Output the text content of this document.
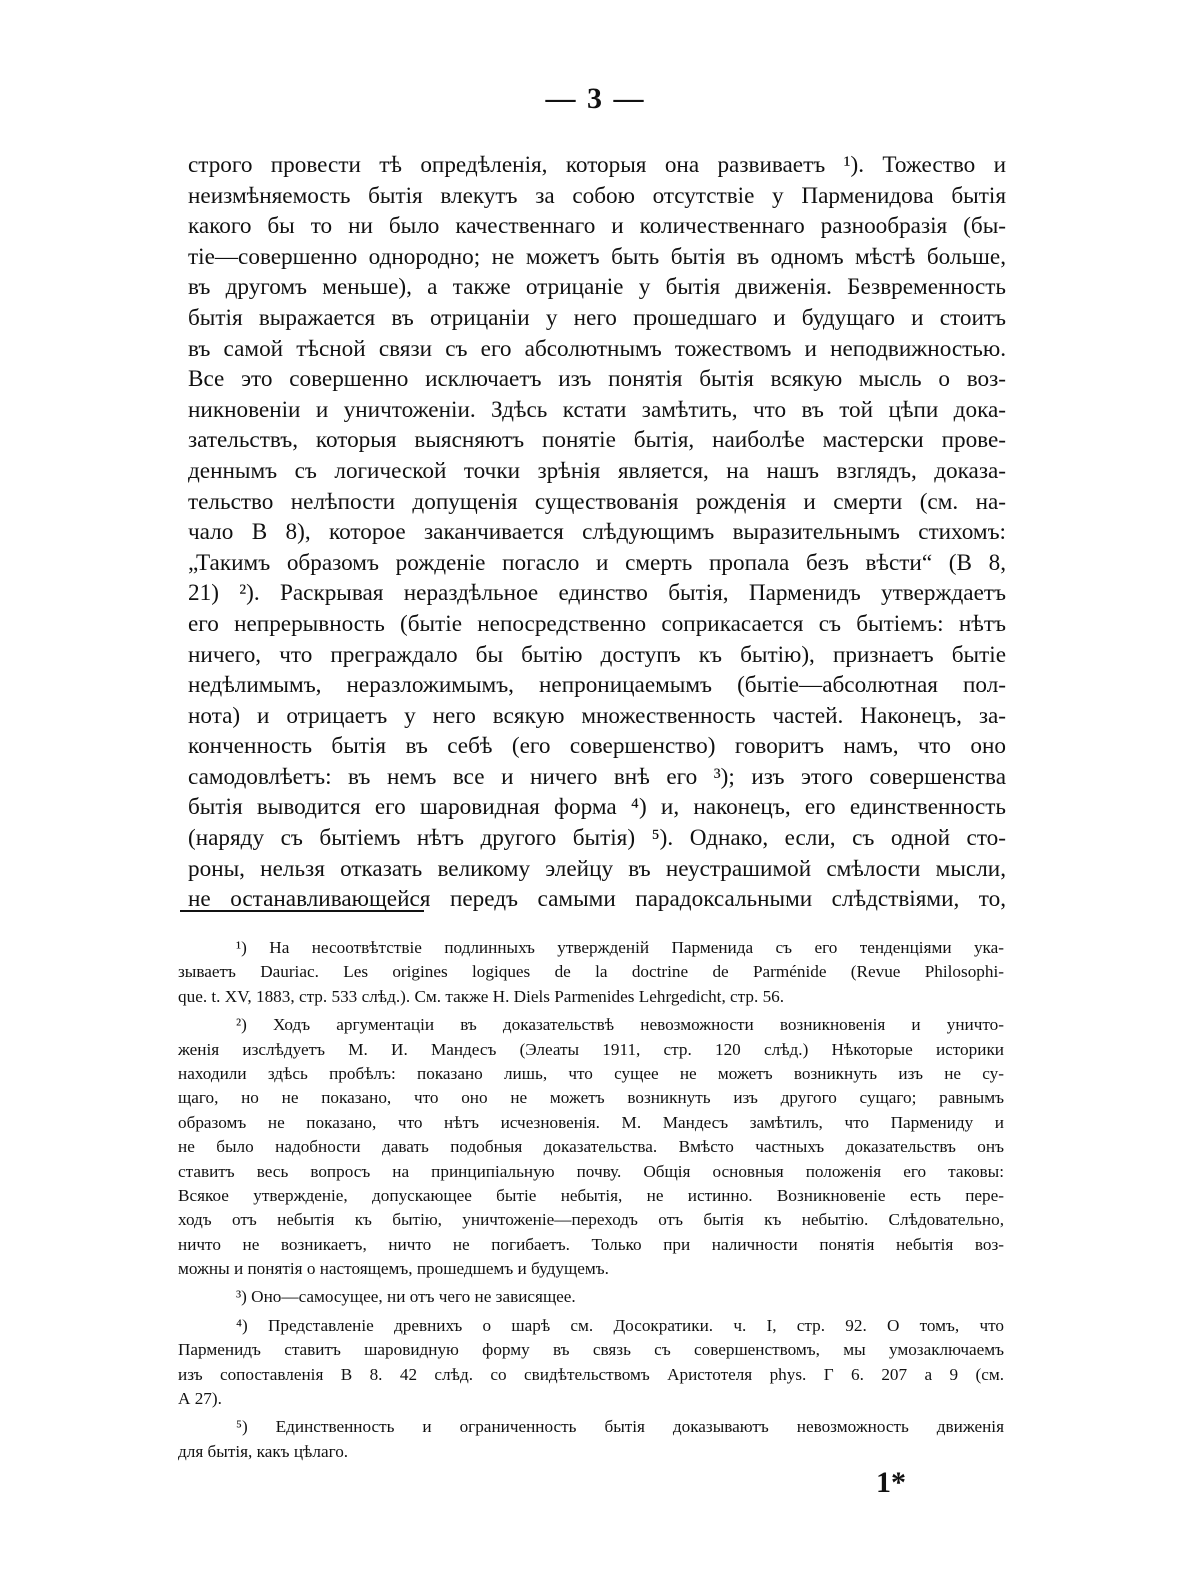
— 3 —
строго провести тѣ опредѣленія, которыя она развиваетъ ¹). Тожество и
неизмѣняемость бытія влекутъ за собою отсутствіе у Парменидова бытія
какого бы то ни было качественнаго и количественнаго разнообразія (бы-
тіе—совершенно однородно; не можетъ быть бытія въ одномъ мѣстѣ больше,
въ другомъ меньше), а также отрицаніе у бытія движенія. Безвременность
бытія выражается въ отрицаніи у него прошедшаго и будущаго и стоитъ
въ самой тѣсной связи съ его абсолютнымъ тожествомъ и неподвижностью.
Все это совершенно исключаетъ изъ понятія бытія всякую мысль о воз-
никновеніи и уничтоженіи. Здѣсь кстати замѣтить, что въ той цѣпи дока-
зательствъ, которыя выясняютъ понятіе бытія, наиболѣе мастерски прове-
деннымъ съ логической точки зрѣнія является, на нашъ взглядъ, доказа-
тельство нелѣпости допущенія существованія рожденія и смерти (см. на-
чало В 8), которое заканчивается слѣдующимъ выразительнымъ стихомъ:
„Такимъ образомъ рожденіе погасло и смерть пропала безъ вѣсти“ (В 8,
21) ²). Раскрывая нераздѣльное единство бытія, Парменидъ утверждаетъ
его непрерывность (бытіе непосредственно соприкасается съ бытіемъ: нѣтъ
ничего, что преграждало бы бытію доступъ къ бытію), признаетъ бытіе
недѣлимымъ, неразложимымъ, непроницаемымъ (бытіе—абсолютная пол-
нота) и отрицаетъ у него всякую множественность частей. Наконецъ, за-
конченность бытія въ себѣ (его совершенство) говоритъ намъ, что оно
самодовлѣетъ: въ немъ все и ничего внѣ его ³); изъ этого совершенства
бытія выводится его шаровидная форма ⁴) и, наконецъ, его единственность
(наряду съ бытіемъ нѣтъ другого бытія) ⁵). Однако, если, съ одной сто-
роны, нельзя отказать великому элейцу въ неустрашимой смѣлости мысли,
не останавливающейся передъ самыми парадоксальными слѣдствіями, то,
¹) На несоотвѣтствіе подлинныхъ утвержденій Парменида съ его тенденціями ука-
зываетъ Dauriac. Les origines logiques de la doctrine de Parménide (Revue Philosophi-
que. t. XV, 1883, стр. 533 слѣд.). См. также H. Diels Parmenides Lehrgedicht, стр. 56.
²) Ходъ аргументаціи въ доказательствѣ невозможности возникновенія и уничто-
женія изслѣдуетъ М. И. Мандесъ (Элеаты 1911, стр. 120 слѣд.) Нѣкоторые историки
находили здѣсь пробѣлъ: показано лишь, что сущее не можетъ возникнуть изъ не су-
щаго, но не показано, что оно не можетъ возникнуть изъ другого сущаго; равнымъ
образомъ не показано, что нѣтъ исчезновенія. М. Мандесъ замѣтилъ, что Пармениду и
не было надобности давать подобныя доказательства. Вмѣсто частныхъ доказательствъ онъ
ставитъ весь вопросъ на принципіальную почву. Общія основныя положенія его таковы:
Всякое утвержденіе, допускающее бытіе небытія, не истинно. Возникновеніе есть пере-
ходъ отъ небытія къ бытію, уничтоженіе—переходъ отъ бытія къ небытію. Слѣдовательно,
ничто не возникаетъ, ничто не погибаетъ. Только при наличности понятія небытія воз-
можны и понятія о настоящемъ, прошедшемъ и будущемъ.
³) Оно—самосущее, ни отъ чего не зависящее.
⁴) Представленіе древнихъ о шарѣ см. Досократики. ч. I, стр. 92. О томъ, что
Парменидъ ставитъ шаровидную форму въ связь съ совершенствомъ, мы умозаключаемъ
изъ сопоставленія В 8. 42 слѣд. со свидѣтельствомъ Аристотеля phys. Г 6. 207 а 9 (см.
А 27).
⁵) Единственность и ограниченность бытія доказываютъ невозможность движенія
для бытія, какъ цѣлаго.
1*
